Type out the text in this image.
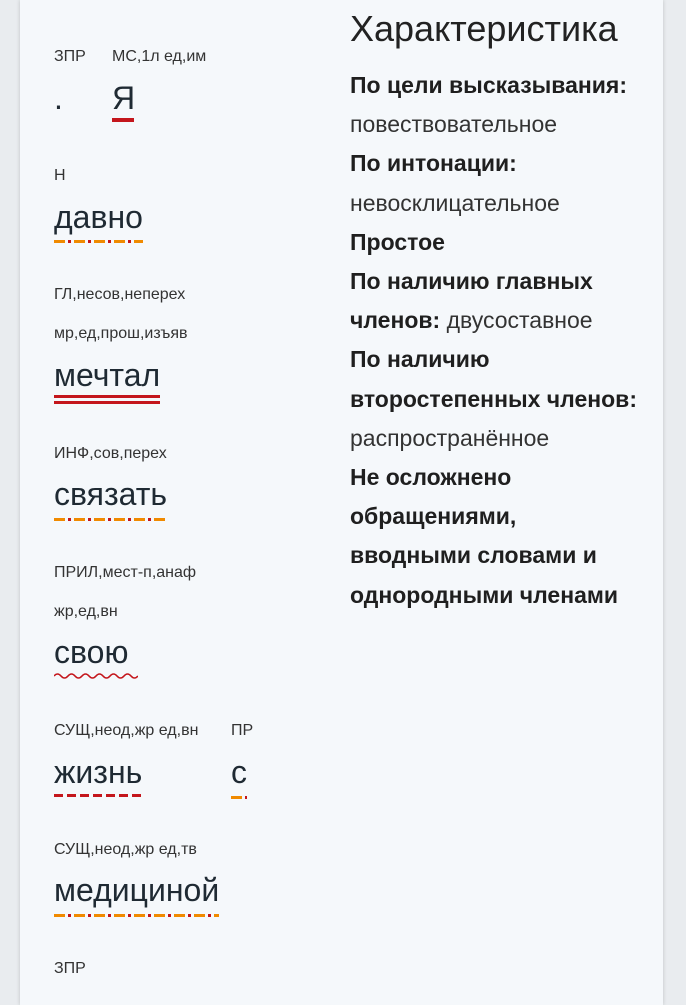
ЗПР
.
МС,1л ед,им
Я
Н
давно
ГЛ,несов,неперех
мр,ед,прош,изъяв
мечтал
ИНФ,сов,перех
связать
ПРИЛ,мест-п,анаф
жр,ед,вн
свою
СУЩ,неод,жр ед,вн
жизнь
ПР
с
СУЩ,неод,жр ед,тв
медициной
ЗПР
Характеристика
По цели высказывания:
повествовательное
По интонации:
невосклицательное
Простое
По наличию главных членов: двусоставное
По наличию второстепенных членов:
распространённое
Не осложнено обращениями, вводными словами и однородными членами
